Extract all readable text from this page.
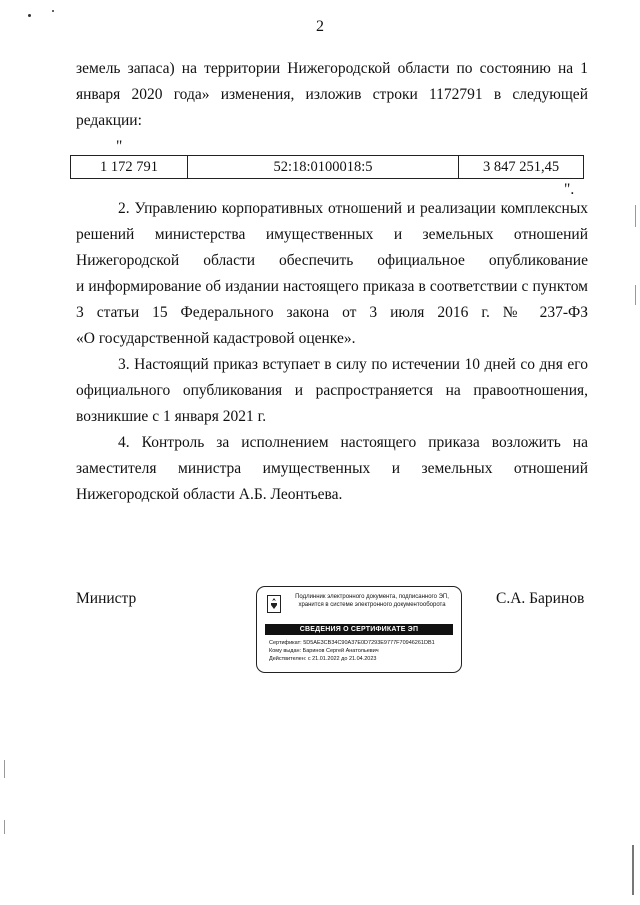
2
земель запаса) на территории Нижегородской области по состоянию на 1
января 2020 года» изменения, изложив строки 1172791 в следующей
редакции:
"
1 172 791	52:18:0100018:5	3 847 251,45
".
2. Управлению корпоративных отношений и реализации комплексных
решений министерства имущественных и земельных отношений
Нижегородской области обеспечить официальное опубликование
и информирование об издании настоящего приказа в соответствии с пунктом
3 статьи 15 Федерального закона от 3 июля 2016 г. № 237-ФЗ
«О государственной кадастровой оценке».
3. Настоящий приказ вступает в силу по истечении 10 дней со дня его
официального опубликования и распространяется на правоотношения,
возникшие с 1 января 2021 г.
4. Контроль за исполнением настоящего приказа возложить на
заместителя министра имущественных и земельных отношений
Нижегородской области А.Б. Леонтьева.
Министр	С.А. Баринов
Подлинник электронного документа, подписанного ЭП,
хранится в системе электронного документооборота
СВЕДЕНИЯ О СЕРТИФИКАТЕ ЭП
Сертификат: 5D5AE3CB34C90A37E0D7293E9777F70946261DB1
Кому выдан: Баринов Сергей Анатольевич
Действителен: с 21.01.2022 до 21.04.2023
